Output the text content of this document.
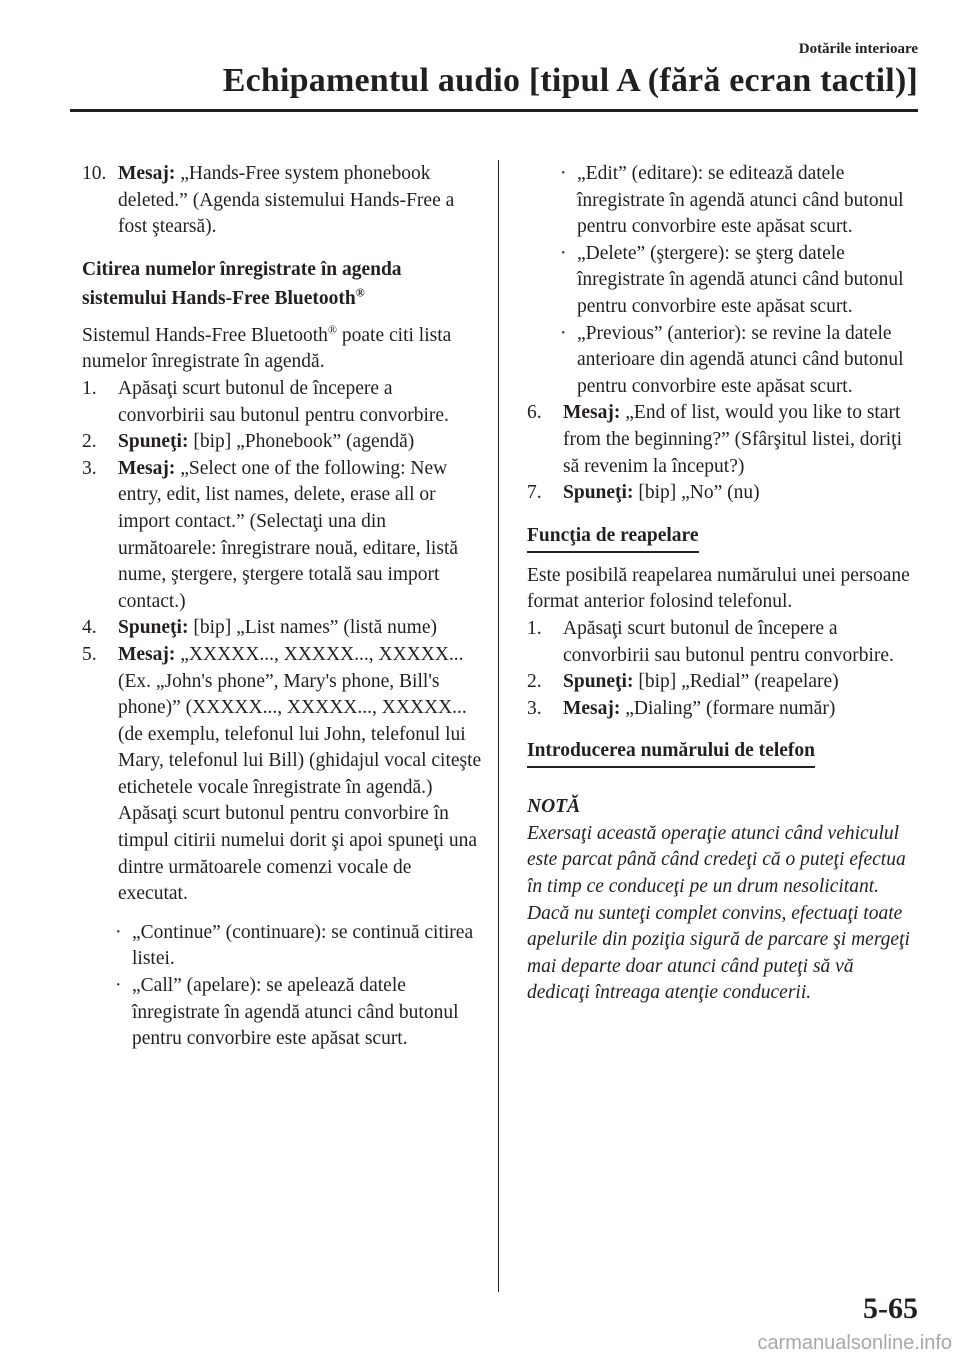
Dotările interioare
Echipamentul audio [tipul A (fără ecran tactil)]

10. Mesaj: „Hands-Free system phonebook deleted.” (Agenda sistemului Hands-Free a fost ştearsă).

Citirea numelor înregistrate în agenda sistemului Hands-Free Bluetooth®

Sistemul Hands-Free Bluetooth® poate citi lista numelor înregistrate în agendă.

1. Apăsaţi scurt butonul de începere a convorbirii sau butonul pentru convorbire.

2. Spuneţi: [bip] „Phonebook” (agendă)

3. Mesaj: „Select one of the following: New entry, edit, list names, delete, erase all or import contact.” (Selectaţi una din următoarele: înregistrare nouă, editare, listă nume, ştergere, ştergere totală sau import contact.)

4. Spuneţi: [bip] „List names” (listă nume)

5. Mesaj: „XXXXX..., XXXXX..., XXXXX... (Ex. „John's phone”, Mary's phone, Bill's phone)” (XXXXX..., XXXXX..., XXXXX... (de exemplu, telefonul lui John, telefonul lui Mary, telefonul lui Bill) (ghidajul vocal citeşte etichetele vocale înregistrate în agendă.)

Apăsaţi scurt butonul pentru convorbire în timpul citirii numelui dorit şi apoi spuneţi una dintre următoarele comenzi vocale de executat.

· „Continue” (continuare): se continuă citirea listei.

· „Call” (apelare): se apelează datele înregistrate în agendă atunci când butonul pentru convorbire este apăsat scurt.

· „Edit” (editare): se editează datele înregistrate în agendă atunci când butonul pentru convorbire este apăsat scurt.

· „Delete” (ştergere): se şterg datele înregistrate în agendă atunci când butonul pentru convorbire este apăsat scurt.

· „Previous” (anterior): se revine la datele anterioare din agendă atunci când butonul pentru convorbire este apăsat scurt.

6. Mesaj: „End of list, would you like to start from the beginning?” (Sfârşitul listei, doriţi să revenim la început?)

7. Spuneţi: [bip] „No” (nu)

Funcţia de reapelare

Este posibilă reapelarea numărului unei persoane format anterior folosind telefonul.

1. Apăsaţi scurt butonul de începere a convorbirii sau butonul pentru convorbire.

2. Spuneţi: [bip] „Redial” (reapelare)

3. Mesaj: „Dialing” (formare număr)

Introducerea numărului de telefon

NOTĂ

Exersaţi această operaţie atunci când vehiculul este parcat până când credeţi că o puteţi efectua în timp ce conduceţi pe un drum nesolicitant. Dacă nu sunteţi complet convins, efectuaţi toate apelurile din poziţia sigură de parcare şi mergeţi mai departe doar atunci când puteţi să vă dedicaţi întreaga atenţie conducerii.

5-65
carmanualsonline.info
